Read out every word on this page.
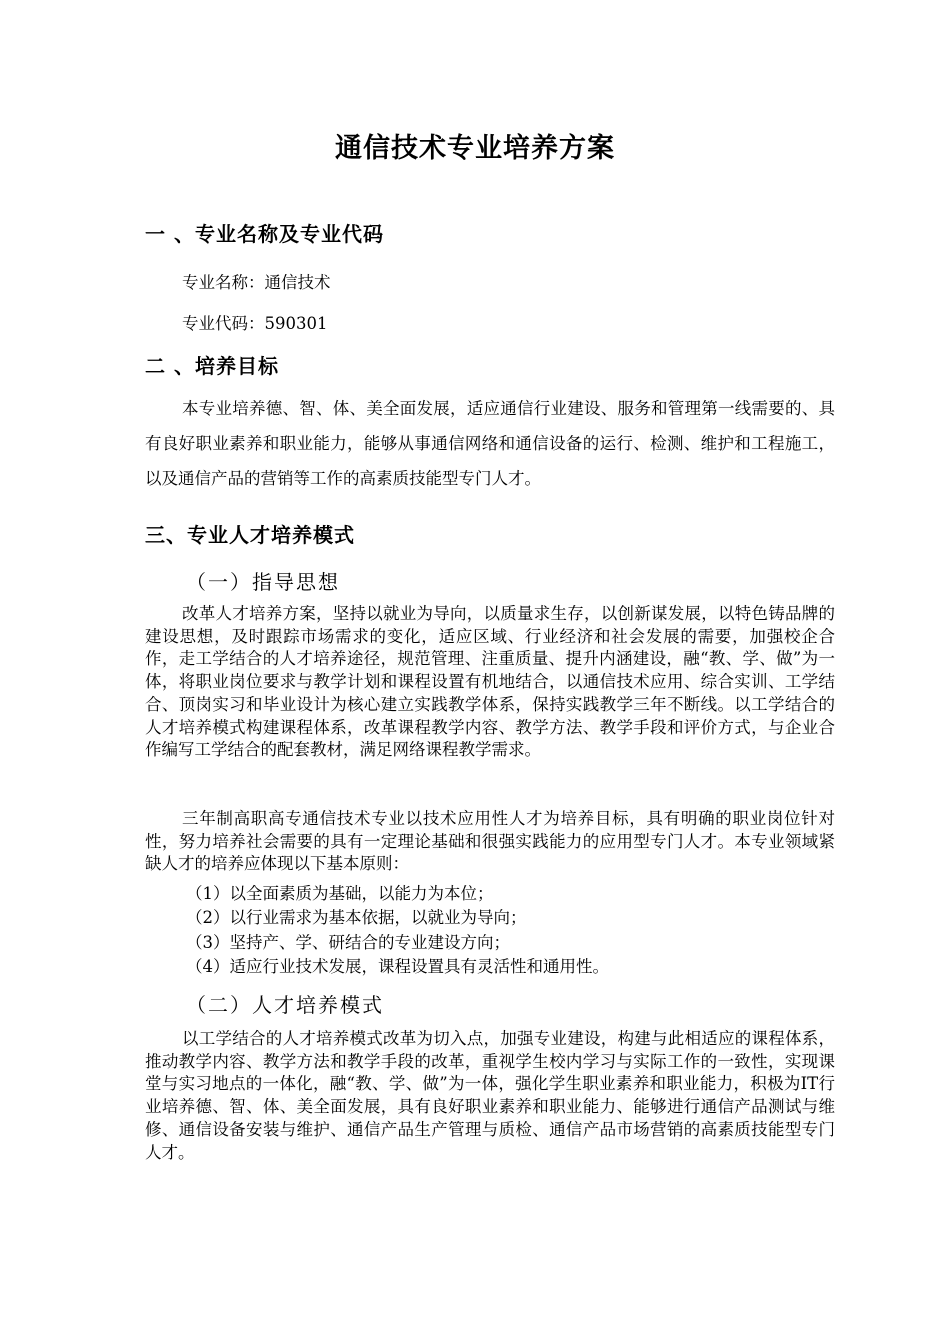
通信技术专业培养方案
一 、专业名称及专业代码
专业名称：通信技术
专业代码：590301
二 、培养目标

本专业培养德、智、体、美全面发展，适应通信行业建设、服务和管理第一线需要的、具有良好职业素养和职业能力，能够从事通信网络和通信设备的运行、检测、维护和工程施工，以及通信产品的营销等工作的高素质技能型专门人才。

三、专业人才培养模式
（一）指导思想

改革人才培养方案，坚持以就业为导向，以质量求生存，以创新谋发展，以特色铸品牌的建设思想，及时跟踪市场需求的变化，适应区域、行业经济和社会发展的需要，加强校企合作，走工学结合的人才培养途径，规范管理、注重质量、提升内涵建设，融“教、学、做”为一体，将职业岗位要求与教学计划和课程设置有机地结合，以通信技术应用、综合实训、工学结合、顶岗实习和毕业设计为核心建立实践教学体系，保持实践教学三年不断线。以工学结合的人才培养模式构建课程体系，改革课程教学内容、教学方法、教学手段和评价方式，与企业合作编写工学结合的配套教材，满足网络课程教学需求。

三年制高职高专通信技术专业以技术应用性人才为培养目标，具有明确的职业岗位针对性，努力培养社会需要的具有一定理论基础和很强实践能力的应用型专门人才。本专业领域紧缺人才的培养应体现以下基本原则：

（1）以全面素质为基础，以能力为本位；
（2）以行业需求为基本依据，以就业为导向；
（3）坚持产、学、研结合的专业建设方向；
（4）适应行业技术发展，课程设置具有灵活性和通用性。
（二）人才培养模式

以工学结合的人才培养模式改革为切入点，加强专业建设，构建与此相适应的课程体系，推动教学内容、教学方法和教学手段的改革，重视学生校内学习与实际工作的一致性，实现课堂与实习地点的一体化，融“教、学、做”为一体，强化学生职业素养和职业能力，积极为IT行业培养德、智、体、美全面发展，具有良好职业素养和职业能力、能够进行通信产品测试与维修、通信设备安装与维护、通信产品生产管理与质检、通信产品市场营销的高素质技能型专门人才。
